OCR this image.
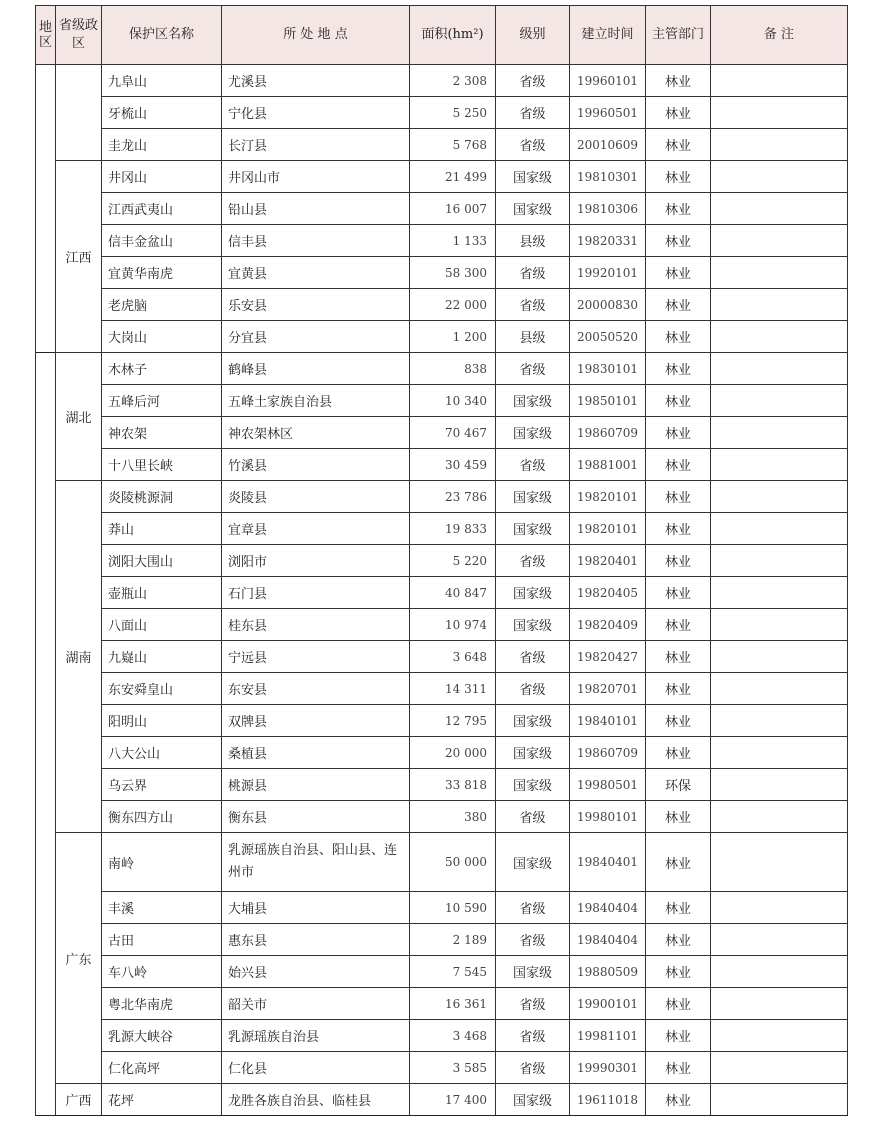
地区	省级政区	保护区名称	所 处 地 点	面积(hm²)	级别	建立时间	主管部门	备 注
		九阜山	尤溪县	2 308	省级	19960101	林业	
		牙梳山	宁化县	5 250	省级	19960501	林业	
		圭龙山	长汀县	5 768	省级	20010609	林业	
	江西	井冈山	井冈山市	21 499	国家级	19810301	林业	
		江西武夷山	铅山县	16 007	国家级	19810306	林业	
		信丰金盆山	信丰县	1 133	县级	19820331	林业	
		宜黄华南虎	宜黄县	58 300	省级	19920101	林业	
		老虎脑	乐安县	22 000	省级	20000830	林业	
		大岗山	分宜县	1 200	县级	20050520	林业	
	湖北	木林子	鹤峰县	838	省级	19830101	林业	
		五峰后河	五峰土家族自治县	10 340	国家级	19850101	林业	
		神农架	神农架林区	70 467	国家级	19860709	林业	
		十八里长峡	竹溪县	30 459	省级	19881001	林业	
	湖南	炎陵桃源洞	炎陵县	23 786	国家级	19820101	林业	
		莽山	宜章县	19 833	国家级	19820101	林业	
		浏阳大围山	浏阳市	5 220	省级	19820401	林业	
		壶瓶山	石门县	40 847	国家级	19820405	林业	
		八面山	桂东县	10 974	国家级	19820409	林业	
		九嶷山	宁远县	3 648	省级	19820427	林业	
		东安舜皇山	东安县	14 311	省级	19820701	林业	
		阳明山	双牌县	12 795	国家级	19840101	林业	
		八大公山	桑植县	20 000	国家级	19860709	林业	
		乌云界	桃源县	33 818	国家级	19980501	环保	
		衡东四方山	衡东县	380	省级	19980101	林业	
	广东	南岭	乳源瑶族自治县、阳山县、连州市	50 000	国家级	19840401	林业	
		丰溪	大埔县	10 590	省级	19840404	林业	
		古田	惠东县	2 189	省级	19840404	林业	
		车八岭	始兴县	7 545	国家级	19880509	林业	
		粤北华南虎	韶关市	16 361	省级	19900101	林业	
		乳源大峡谷	乳源瑶族自治县	3 468	省级	19981101	林业	
		仁化高坪	仁化县	3 585	省级	19990301	林业	
	广西	花坪	龙胜各族自治县、临桂县	17 400	国家级	19611018	林业	
